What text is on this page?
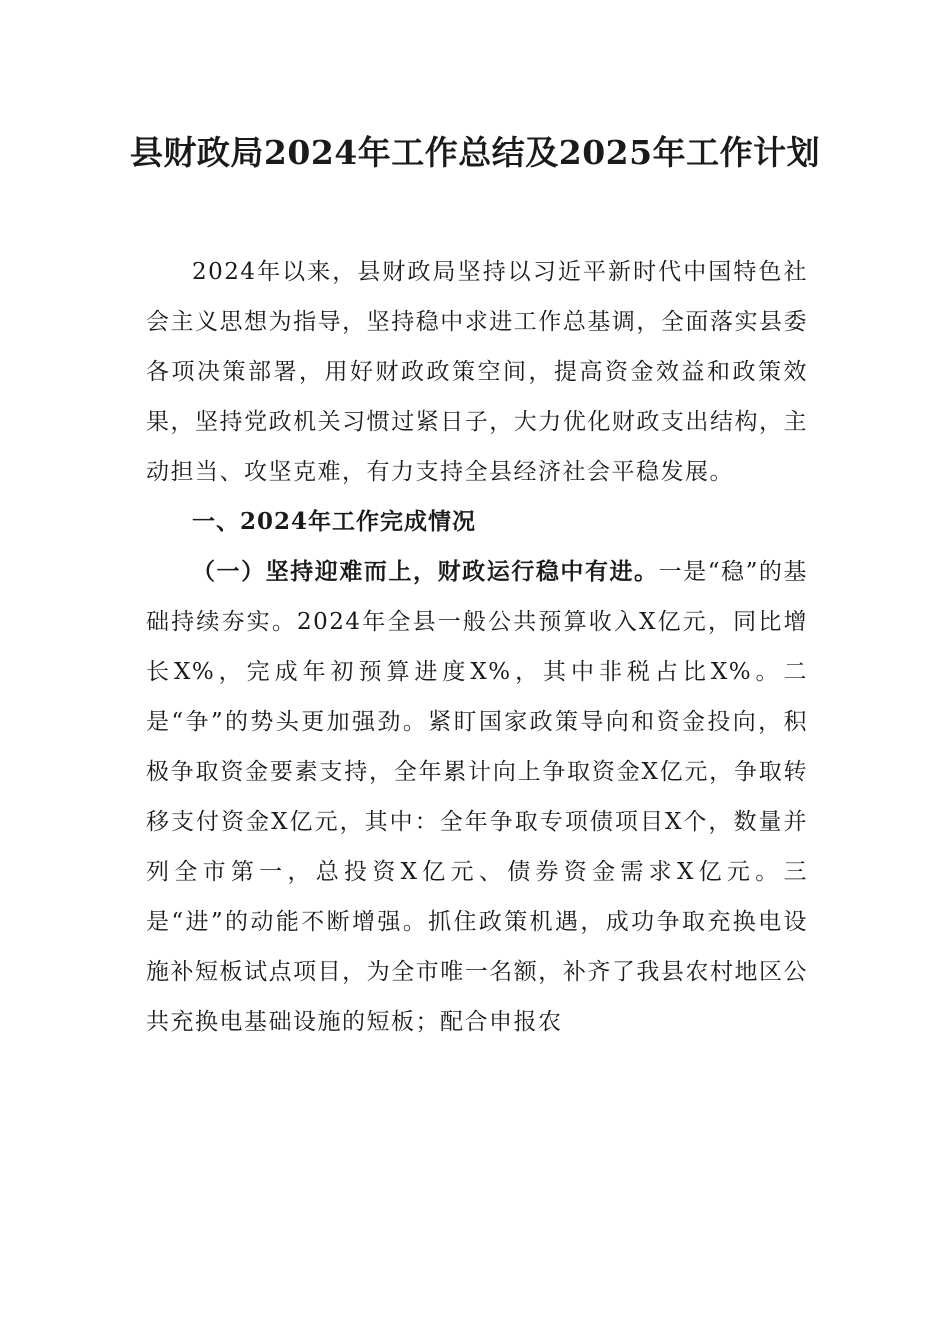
县财政局2024年工作总结及2025年工作计划

2024年以来，县财政局坚持以习近平新时代中国特色社会主义思想为指导，坚持稳中求进工作总基调，全面落实县委各项决策部署，用好财政政策空间，提高资金效益和政策效果，坚持党政机关习惯过紧日子，大力优化财政支出结构，主动担当、攻坚克难，有力支持全县经济社会平稳发展。

一、2024年工作完成情况

（一）坚持迎难而上，财政运行稳中有进。一是“稳”的基础持续夯实。2024年全县一般公共预算收入X亿元，同比增长X%，完成年初预算进度X%，其中非税占比X%。二是“争”的势头更加强劲。紧盯国家政策导向和资金投向，积极争取资金要素支持，全年累计向上争取资金X亿元，争取转移支付资金X亿元，其中：全年争取专项债项目X个，数量并列全市第一，总投资X亿元、债券资金需求X亿元。三是“进”的动能不断增强。抓住政策机遇，成功争取充换电设施补短板试点项目，为全市唯一名额，补齐了我县农村地区公共充换电基础设施的短板；配合申报农
